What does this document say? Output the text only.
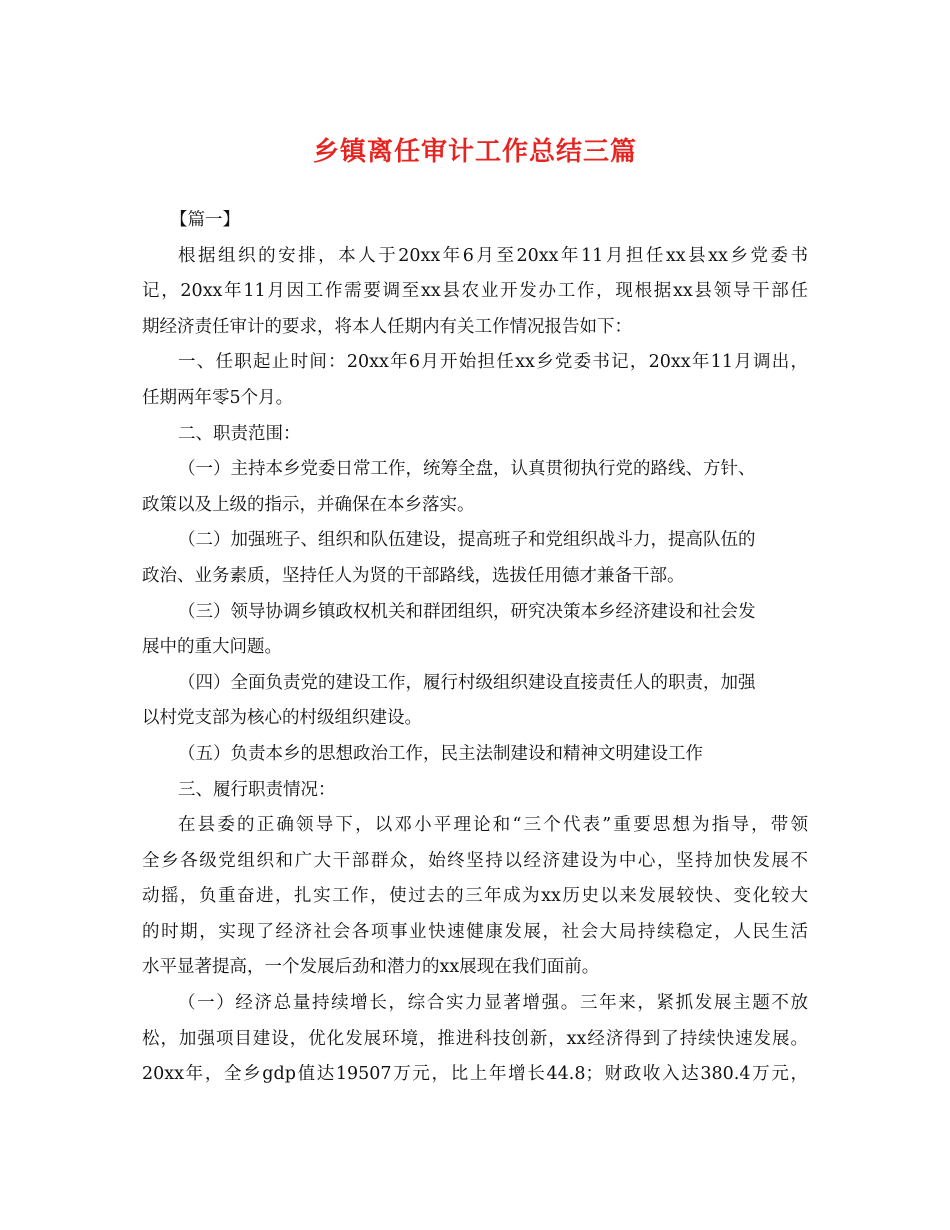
乡镇离任审计工作总结三篇
【篇一】
根据组织的安排，本人于20xx年6月至20xx年11月担任xx县xx乡党委书
记，20xx年11月因工作需要调至xx县农业开发办工作，现根据xx县领导干部任
期经济责任审计的要求，将本人任期内有关工作情况报告如下：
一、任职起止时间：20xx年6月开始担任xx乡党委书记，20xx年11月调出，
任期两年零5个月。
二、职责范围：
（一）主持本乡党委日常工作，统筹全盘，认真贯彻执行党的路线、方针、
政策以及上级的指示，并确保在本乡落实。
（二）加强班子、组织和队伍建设，提高班子和党组织战斗力，提高队伍的
政治、业务素质，坚持任人为贤的干部路线，选拔任用德才兼备干部。
（三）领导协调乡镇政权机关和群团组织，研究决策本乡经济建设和社会发
展中的重大问题。
（四）全面负责党的建设工作，履行村级组织建设直接责任人的职责，加强
以村党支部为核心的村级组织建设。
（五）负责本乡的思想政治工作，民主法制建设和精神文明建设工作
三、履行职责情况：
在县委的正确领导下，以邓小平理论和“三个代表”重要思想为指导，带领
全乡各级党组织和广大干部群众，始终坚持以经济建设为中心，坚持加快发展不
动摇，负重奋进，扎实工作，使过去的三年成为xx历史以来发展较快、变化较大
的时期，实现了经济社会各项事业快速健康发展，社会大局持续稳定，人民生活
水平显著提高，一个发展后劲和潜力的xx展现在我们面前。
（一）经济总量持续增长，综合实力显著增强。三年来，紧抓发展主题不放
松，加强项目建设，优化发展环境，推进科技创新，xx经济得到了持续快速发展。
20xx年，全乡gdp值达19507万元，比上年增长44.8；财政收入达380.4万元，
